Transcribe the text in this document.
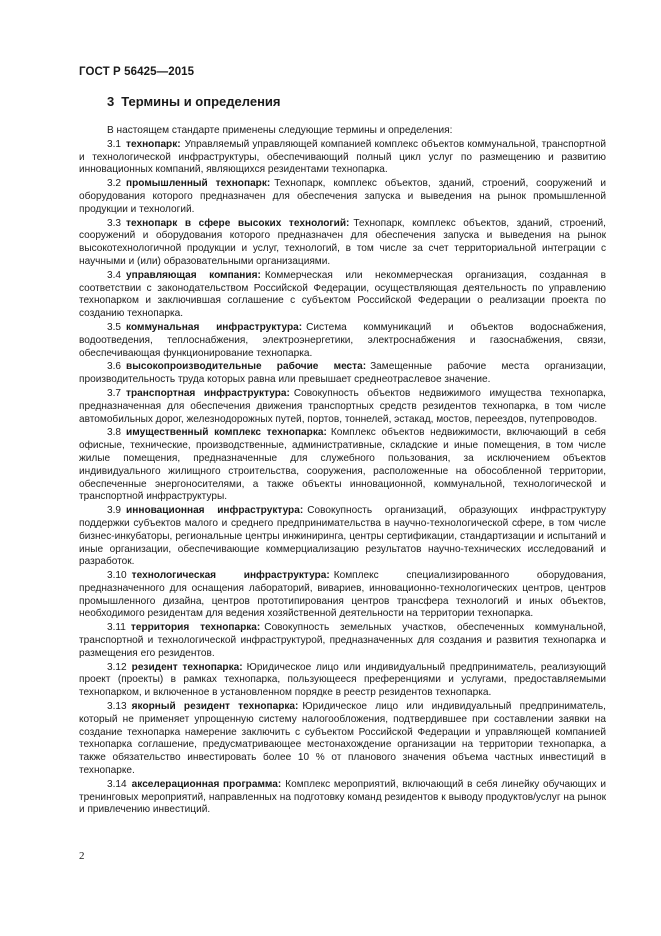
ГОСТ Р 56425—2015
3 Термины и определения

В настоящем стандарте применены следующие термины и определения:

3.1 технопарк: Управляемый управляющей компанией комплекс объектов коммунальной, транспортной и технологической инфраструктуры, обеспечивающий полный цикл услуг по размещению и развитию инновационных компаний, являющихся резидентами технопарка.

3.2 промышленный технопарк: Технопарк, комплекс объектов, зданий, строений, сооружений и оборудования которого предназначен для обеспечения запуска и выведения на рынок промышленной продукции и технологий.

3.3 технопарк в сфере высоких технологий: Технопарк, комплекс объектов, зданий, строений, сооружений и оборудования которого предназначен для обеспечения запуска и выведения на рынок высокотехнологичной продукции и услуг, технологий, в том числе за счет территориальной интеграции с научными и (или) образовательными организациями.

3.4 управляющая компания: Коммерческая или некоммерческая организация, созданная в соответствии с законодательством Российской Федерации, осуществляющая деятельность по управлению технопарком и заключившая соглашение с субъектом Российской Федерации о реализации проекта по созданию технопарка.

3.5 коммунальная инфраструктура: Система коммуникаций и объектов водоснабжения, водоотведения, теплоснабжения, электроэнергетики, электроснабжения и газоснабжения, связи, обеспечивающая функционирование технопарка.

3.6 высокопроизводительные рабочие места: Замещенные рабочие места организации, производительность труда которых равна или превышает среднеотраслевое значение.

3.7 транспортная инфраструктура: Совокупность объектов недвижимого имущества технопарка, предназначенная для обеспечения движения транспортных средств резидентов технопарка, в том числе автомобильных дорог, железнодорожных путей, портов, тоннелей, эстакад, мостов, переездов, путепроводов.

3.8 имущественный комплекс технопарка: Комплекс объектов недвижимости, включающий в себя офисные, технические, производственные, административные, складские и иные помещения, в том числе жилые помещения, предназначенные для служебного пользования, за исключением объектов индивидуального жилищного строительства, сооружения, расположенные на обособленной территории, обеспеченные энергоносителями, а также объекты инновационной, коммунальной, технологической и транспортной инфраструктуры.

3.9 инновационная инфраструктура: Совокупность организаций, образующих инфраструктуру поддержки субъектов малого и среднего предпринимательства в научно-технологической сфере, в том числе бизнес-инкубаторы, региональные центры инжиниринга, центры сертификации, стандартизации и испытаний и иные организации, обеспечивающие коммерциализацию результатов научно-технических исследований и разработок.

3.10 технологическая инфраструктура: Комплекс специализированного оборудования, предназначенного для оснащения лабораторий, вивариев, инновационно-технологических центров, центров промышленного дизайна, центров прототипирования центров трансфера технологий и иных объектов, необходимого резидентам для ведения хозяйственной деятельности на территории технопарка.

3.11 территория технопарка: Совокупность земельных участков, обеспеченных коммунальной, транспортной и технологической инфраструктурой, предназначенных для создания и развития технопарка и размещения его резидентов.

3.12 резидент технопарка: Юридическое лицо или индивидуальный предприниматель, реализующий проект (проекты) в рамках технопарка, пользующееся преференциями и услугами, предоставляемыми технопарком, и включенное в установленном порядке в реестр резидентов технопарка.

3.13 якорный резидент технопарка: Юридическое лицо или индивидуальный предприниматель, который не применяет упрощенную систему налогообложения, подтвердившее при составлении заявки на создание технопарка намерение заключить с субъектом Российской Федерации и управляющей компанией технопарка соглашение, предусматривающее местонахождение организации на территории технопарка, а также обязательство инвестировать более 10 % от планового значения объема частных инвестиций в технопарке.

3.14 акселерационная программа: Комплекс мероприятий, включающий в себя линейку обучающих и тренинговых мероприятий, направленных на подготовку команд резидентов к выводу продуктов/услуг на рынок и привлечению инвестиций.

2
